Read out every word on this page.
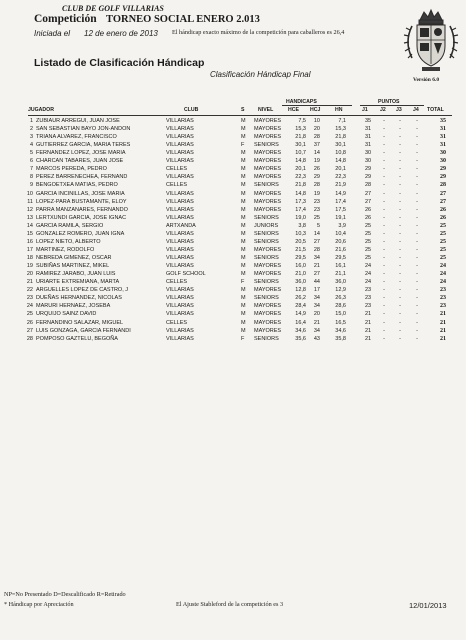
CLUB DE GOLF VILLARIAS
Competición TORNEO SOCIAL ENERO 2.013
Iniciada el 12 de enero de 2013 El hándicap exacto máximo de la competición para caballeros es 26,4
Listado de Clasificación Hándicap
Clasificación Hándicap Final
Versión 6.0
HANDICAPS	PUNTOS
JUGADOR	CLUB	S	NIVEL	HCE HCJ	HN	J1 J2 J3 J4 TOTAL
1 ZUBIAUR ARREGUI, JUAN JOSE	VILLARIAS	M MAYORES	7,5	10	7,1	35	-	-	-	35
2 SAN SEBASTIAN BAYO JON-ANDON	VILLARIAS	M MAYORES	15,3	20	15,3	31	-	-	-	31
3 TRIANA ALVAREZ, FRANCISCO	VILLARIAS	M MAYORES	21,8	28	21,8	31	-	-	-	31
4 GUTIERREZ GARCIA, MARIA TERES	VILLARIAS	F SENIORS	30,1	37	30,1	31	-	-	-	31
5 FERNANDEZ LOPEZ, JOSE MARIA	VILLARIAS	M MAYORES	10,7	14	10,8	30	-	-	-	30
6 CHARCAN TABARES, JUAN JOSE	VILLARIAS	M MAYORES	14,8	19	14,8	30	-	-	-	30
7 MARCOS PEREDA, PEDRO	CELLES	M MAYORES	20,1	26	20,1	29	-	-	-	29
8 PEREZ BARRENECHEA, FERNAND	VILLARIAS	M MAYORES	22,3	29	22,3	29	-	-	-	29
9 BENGOETXEA MATIAS, PEDRO	CELLES	M SENIORS	21,8	28	21,9	28	-	-	-	28
10 GARCIA INCINILLAS, JOSE MARIA	VILLARIAS	M MAYORES	14,8	19	14,9	27	-	-	-	27
11 LOPEZ-PARA BUSTAMANTE, ELOY	VILLARIAS	M MAYORES	17,3	23	17,4	27	-	-	-	27
12 PARRA MANZANARES, FERNANDO	VILLARIAS	M MAYORES	17,4	23	17,5	26	-	-	-	26
13 LERTXUNDI GARCIA, JOSE IGNAC	VILLARIAS	M SENIORS	19,0	25	19,1	26	-	-	-	26
14 GARCIA RAMILA, SERGIO	ARTXANDA	M JUNIORS	3,8	5	3,9	25	-	-	-	25
15 GONZALEZ ROMERO, JUAN IGNA	VILLARIAS	M SENIORS	10,3	14	10,4	25	-	-	-	25
16 LOPEZ NIETO, ALBERTO	VILLARIAS	M SENIORS	20,5	27	20,6	25	-	-	-	25
17 MARTINEZ, RODOLFO	VILLARIAS	M MAYORES	21,5	28	21,6	25	-	-	-	25
18 NEBREDA GIMENEZ, OSCAR	VILLARIAS	M SENIORS	29,5	34	29,5	25	-	-	-	25
19 SUBIÑAS MARTINEZ, MIKEL	VILLARIAS	M MAYORES	16,0	21	16,1	24	-	-	-	24
20 RAMIREZ JARABO, JUAN LUIS	GOLF SCHOOL	M MAYORES	21,0	27	21,1	24	-	-	-	24
21 URIARTE EXTREMIANA, MARTA	CELLES	F SENIORS	36,0	44	36,0	24	-	-	-	24
22 ARGUELLES LOPEZ DE CASTRO, J	VILLARIAS	M MAYORES	12,8	17	12,9	23	-	-	-	23
23 DUEÑAS HERNANDEZ, NICOLAS	VILLARIAS	M SENIORS	26,2	34	26,3	23	-	-	-	23
24 MARURI HERNAEZ, JOSEBA	VILLARIAS	M MAYORES	28,4	34	28,6	23	-	-	-	23
25 URQUIJO SAINZ DAVID	VILLARIAS	M MAYORES	14,9	20	15,0	21	-	-	-	21
26 FERNANDINO SALAZAR, MIGUEL	CELLES	M MAYORES	16,4	21	16,5	21	-	-	-	21
27 LUIS GONZAGA, GARCIA FERNANDI	VILLARIAS	M MAYORES	34,6	34	34,6	21	-	-	-	21
28 POMPOSO GAZTELU, BEGOÑA	VILLARIAS	F SENIORS	35,6	43	35,8	21	-	-	-	21
NP=No Presentado D=Descalificado R=Retirado
* Hándicap por Apreciación	El Ajuste Stableford de la competición es 3	12/01/2013
